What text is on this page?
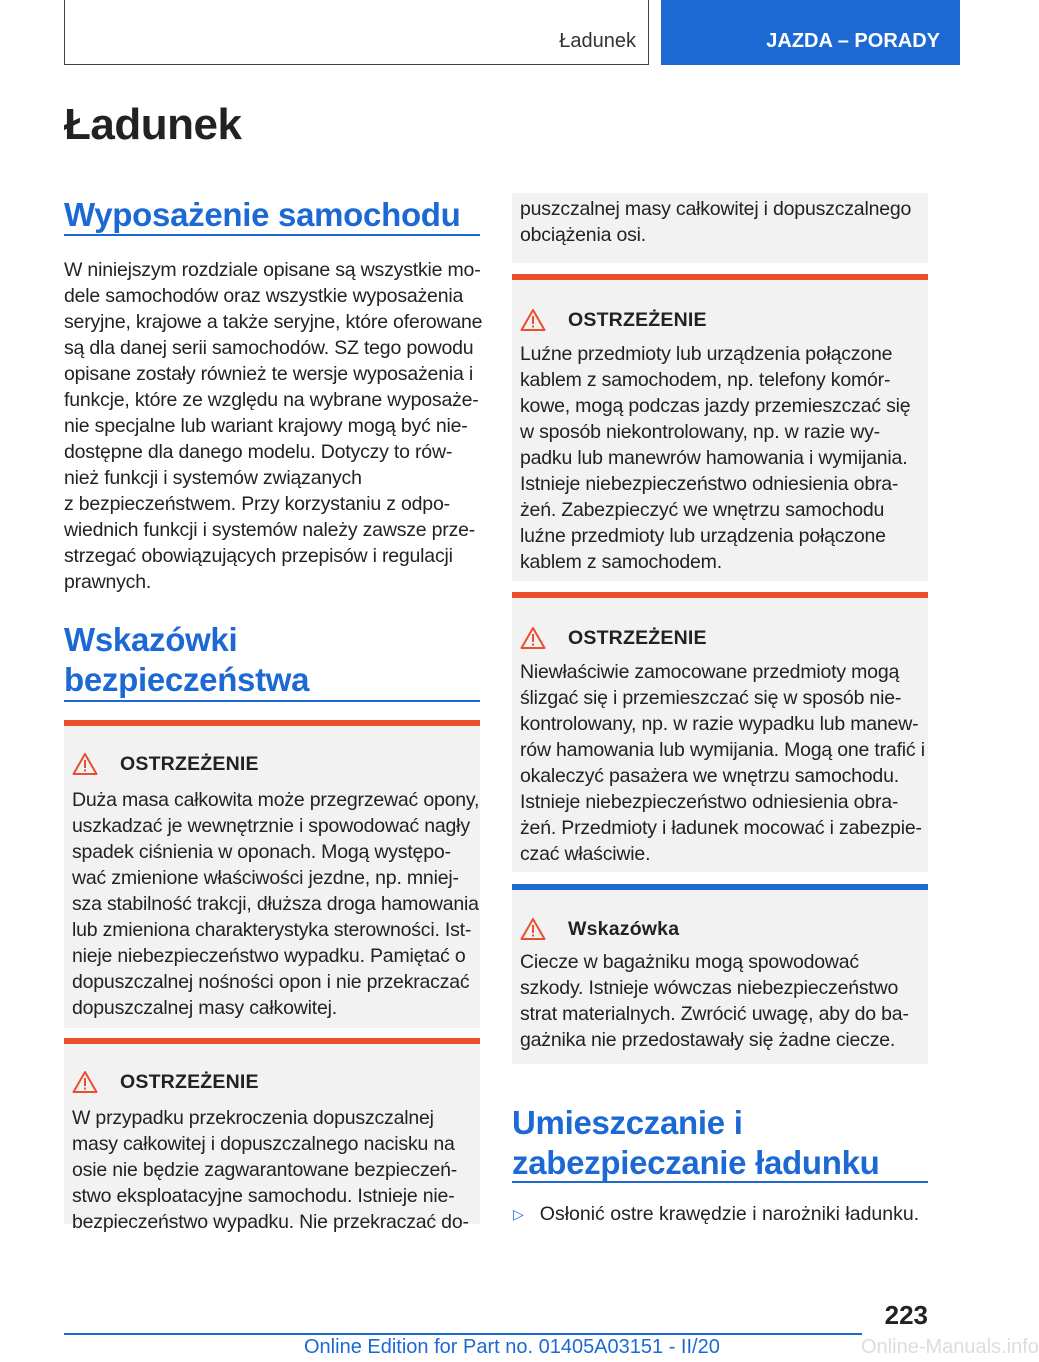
Ładunek	JAZDA – PORADY
Ładunek
Wyposażenie samochodu
W niniejszym rozdziale opisane są wszystkie mo‐
dele samochodów oraz wszystkie wyposażenia
seryjne, krajowe a także seryjne, które oferowane
są dla danej serii samochodów. SZ tego powodu
opisane zostały również te wersje wyposażenia i
funkcje, które ze względu na wybrane wyposaże‐
nie specjalne lub wariant krajowy mogą być nie‐
dostępne dla danego modelu. Dotyczy to rów‐
nież funkcji i systemów związanych
z bezpieczeństwem. Przy korzystaniu z odpo‐
wiednich funkcji i systemów należy zawsze prze‐
strzegać obowiązujących przepisów i regulacji
prawnych.
Wskazówki
bezpieczeństwa
OSTRZEŻENIE
Duża masa całkowita może przegrzewać opony,
uszkadzać je wewnętrznie i spowodować nagły
spadek ciśnienia w oponach. Mogą występo‐
wać zmienione właściwości jezdne, np. mniej‐
sza stabilność trakcji, dłuższa droga hamowania
lub zmieniona charakterystyka sterowności. Ist‐
nieje niebezpieczeństwo wypadku. Pamiętać o
dopuszczalnej nośności opon i nie przekraczać
dopuszczalnej masy całkowitej.
OSTRZEŻENIE
W przypadku przekroczenia dopuszczalnej
masy całkowitej i dopuszczalnego nacisku na
osie nie będzie zagwarantowane bezpieczeń‐
stwo eksploatacyjne samochodu. Istnieje nie‐
bezpieczeństwo wypadku. Nie przekraczać do‐
puszczalnej masy całkowitej i dopuszczalnego
obciążenia osi.
OSTRZEŻENIE
Luźne przedmioty lub urządzenia połączone
kablem z samochodem, np. telefony komór‐
kowe, mogą podczas jazdy przemieszczać się
w sposób niekontrolowany, np. w razie wy‐
padku lub manewrów hamowania i wymijania.
Istnieje niebezpieczeństwo odniesienia obra‐
żeń. Zabezpieczyć we wnętrzu samochodu
luźne przedmioty lub urządzenia połączone
kablem z samochodem.
OSTRZEŻENIE
Niewłaściwie zamocowane przedmioty mogą
ślizgać się i przemieszczać się w sposób nie‐
kontrolowany, np. w razie wypadku lub manew‐
rów hamowania lub wymijania. Mogą one trafić i
okaleczyć pasażera we wnętrzu samochodu.
Istnieje niebezpieczeństwo odniesienia obra‐
żeń. Przedmioty i ładunek mocować i zabezpie‐
czać właściwie.
Wskazówka
Ciecze w bagażniku mogą spowodować
szkody. Istnieje wówczas niebezpieczeństwo
strat materialnych. Zwrócić uwagę, aby do ba‐
gażnika nie przedostawały się żadne ciecze.
Umieszczanie i
zabezpieczanie ładunku
▷ Osłonić ostre krawędzie i narożniki ładunku.
223
Online Edition for Part no. 01405A03151 - II/20	Online-Manuals.info
